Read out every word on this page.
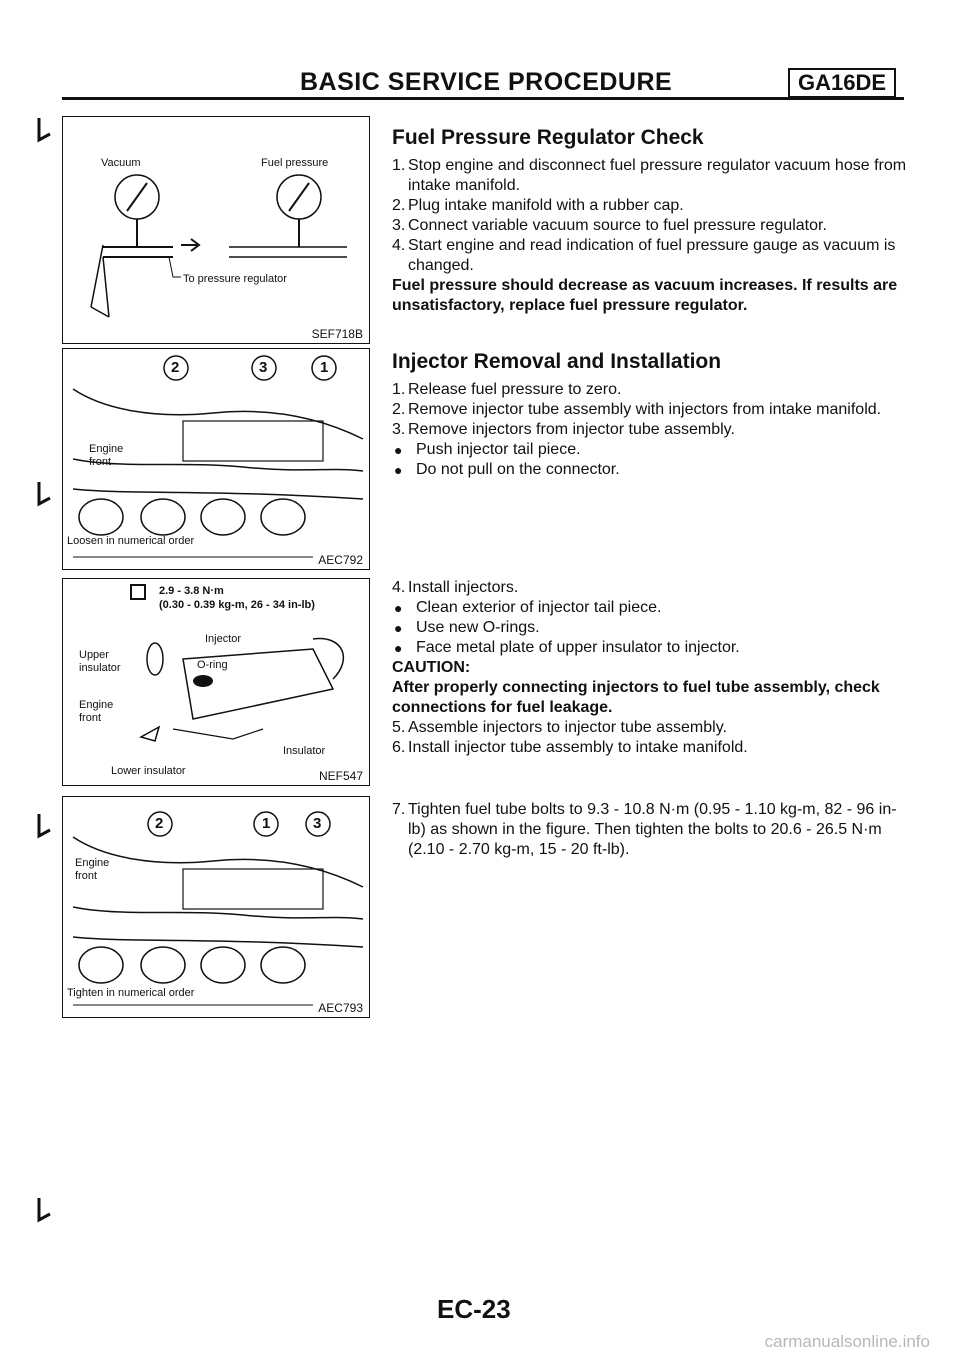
BASIC SERVICE PROCEDURE	GA16DE
Vacuum	Fuel pressure
To pressure regulator
SEF718B
2	3	1
Engine front
Loosen in numerical order
AEC792
2.9 - 3.8 N·m
(0.30 - 0.39 kg-m, 26 - 34 in-lb)
Injector
Upper insulator	O-ring
Engine front
Insulator
Lower insulator	NEF547
2	1	3
Engine front
Tighten in numerical order
AEC793
Fuel Pressure Regulator Check
1. Stop engine and disconnect fuel pressure regulator vacuum hose from intake manifold.
2. Plug intake manifold with a rubber cap.
3. Connect variable vacuum source to fuel pressure regulator.
4. Start engine and read indication of fuel pressure gauge as vacuum is changed.
Fuel pressure should decrease as vacuum increases. If results are unsatisfactory, replace fuel pressure regulator.
Injector Removal and Installation
1. Release fuel pressure to zero.
2. Remove injector tube assembly with injectors from intake manifold.
3. Remove injectors from injector tube assembly.
● Push injector tail piece.
● Do not pull on the connector.
4. Install injectors.
● Clean exterior of injector tail piece.
● Use new O-rings.
● Face metal plate of upper insulator to injector.
CAUTION:
After properly connecting injectors to fuel tube assembly, check connections for fuel leakage.
5. Assemble injectors to injector tube assembly.
6. Install injector tube assembly to intake manifold.
7. Tighten fuel tube bolts to 9.3 - 10.8 N·m (0.95 - 1.10 kg-m, 82 - 96 in-lb) as shown in the figure. Then tighten the bolts to 20.6 - 26.5 N·m (2.10 - 2.70 kg-m, 15 - 20 ft-lb).
EC-23
carmanualsonline.info
